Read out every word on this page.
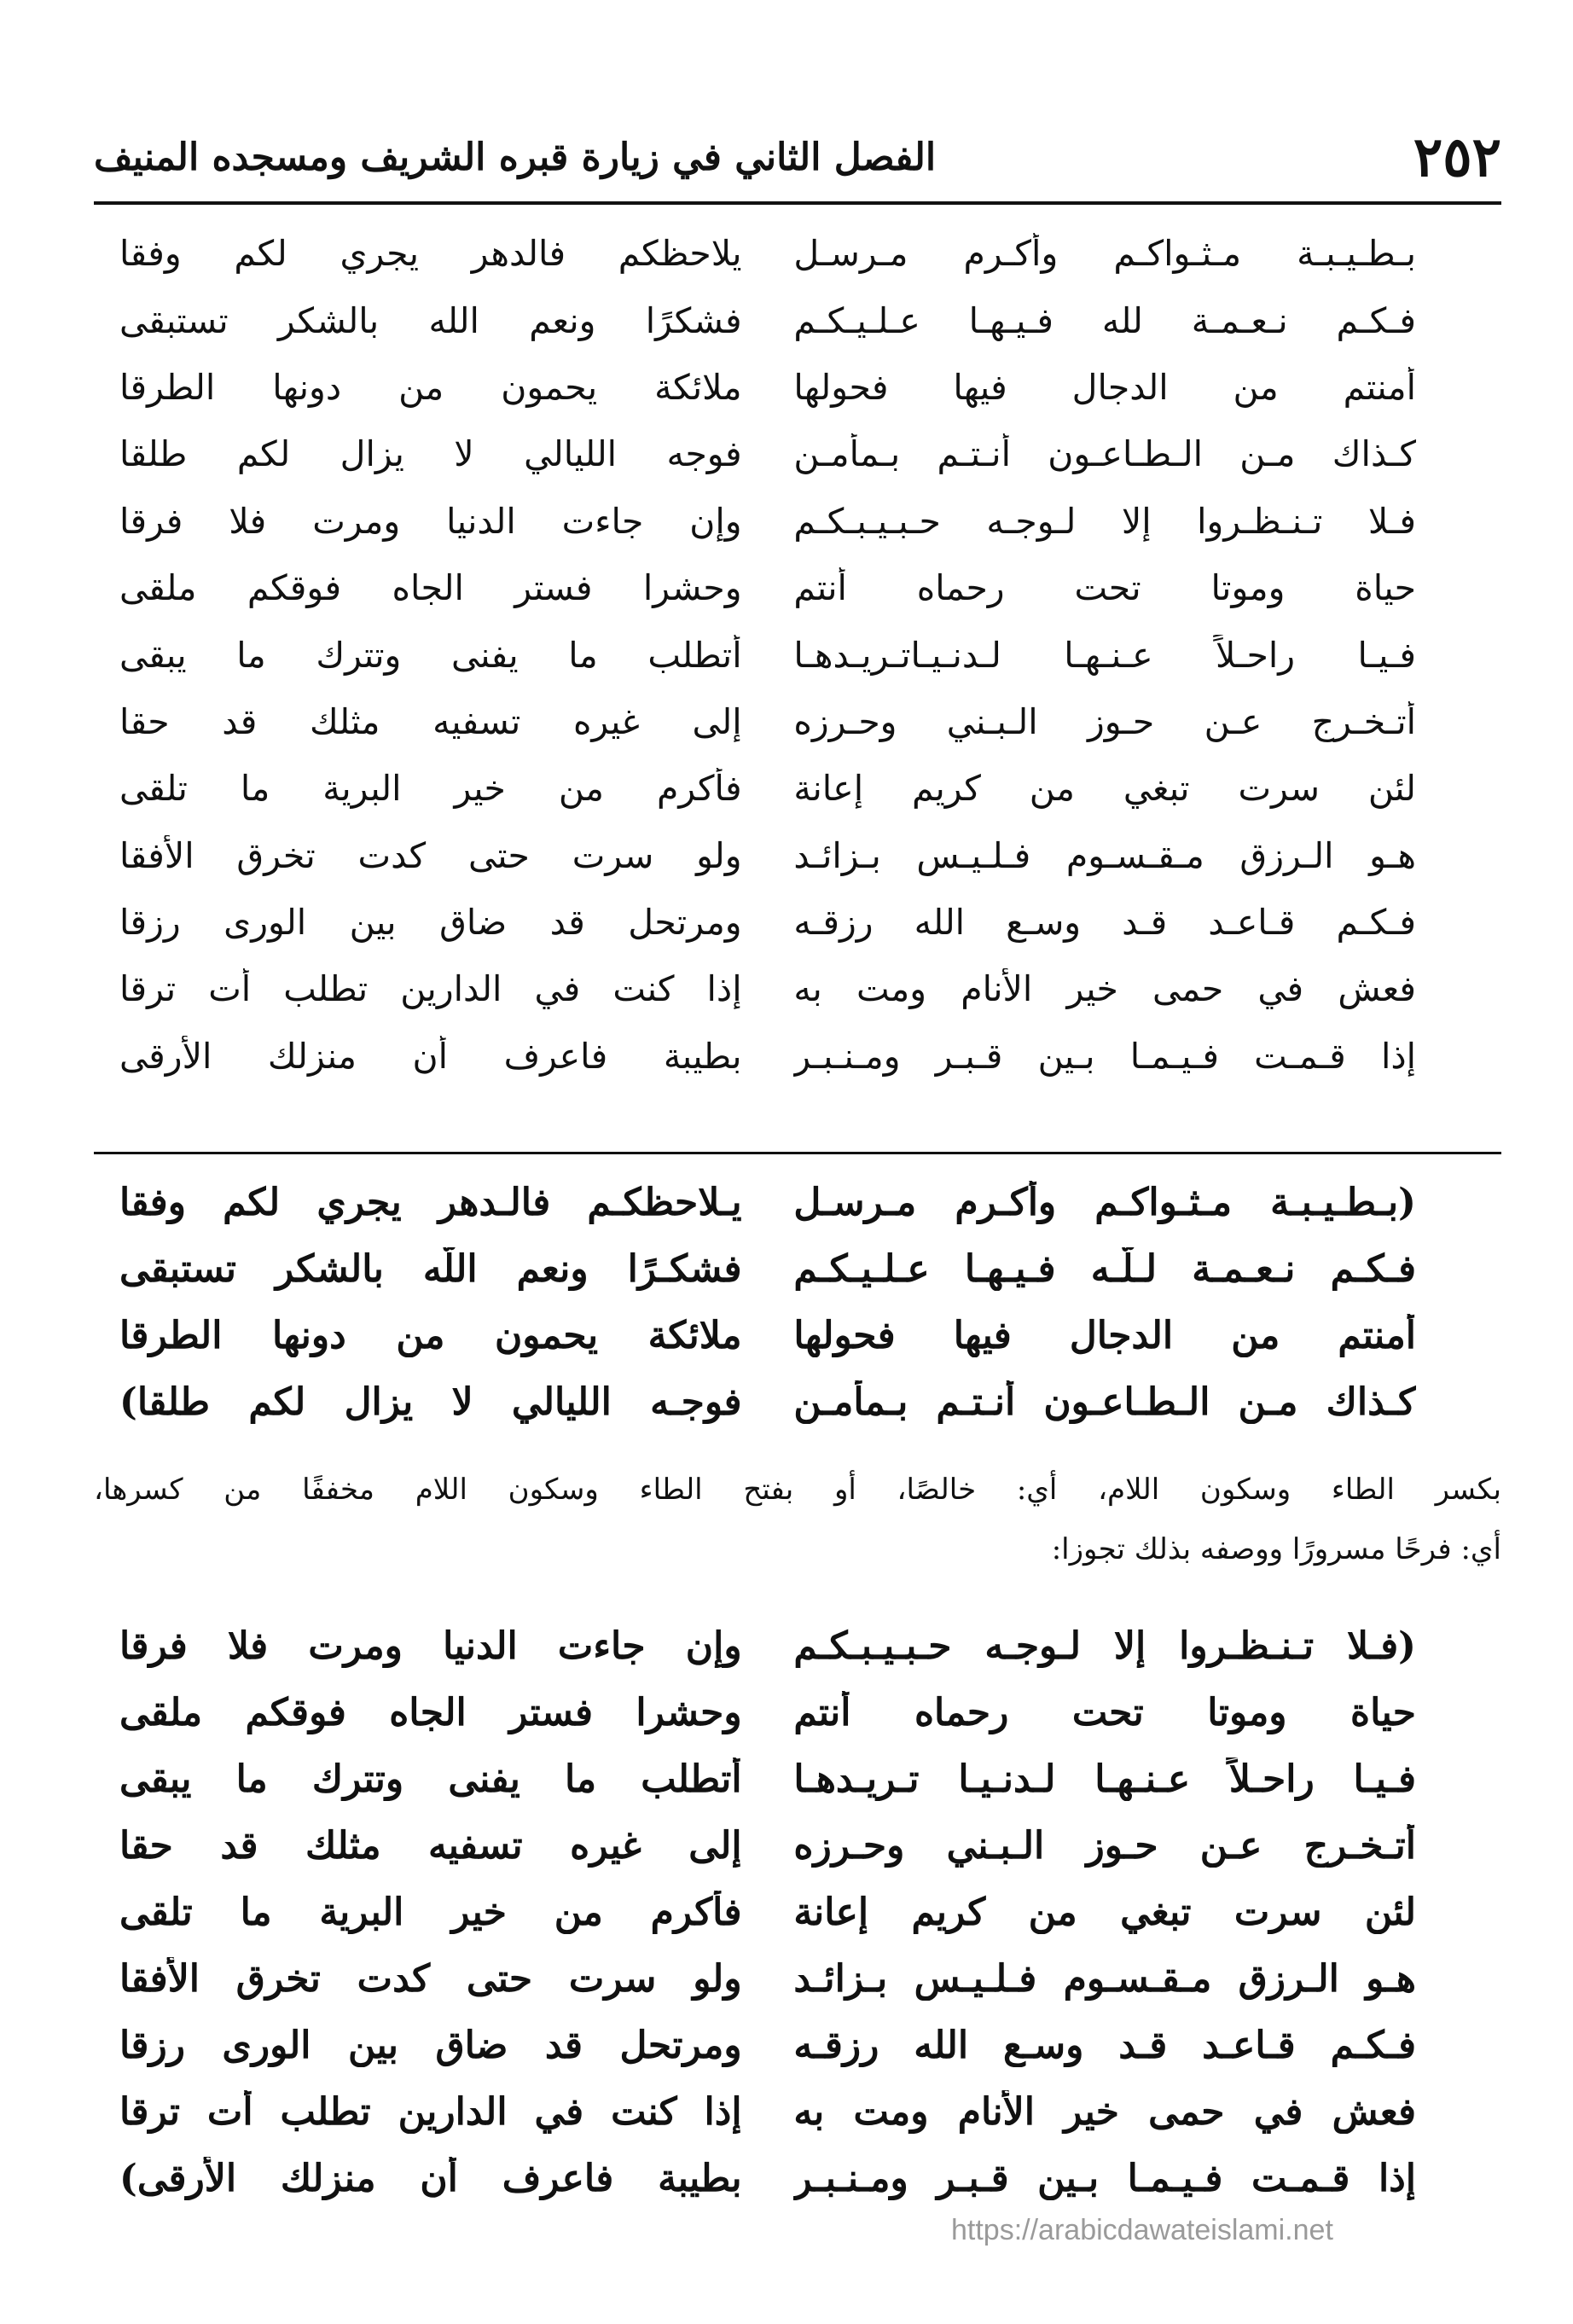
٢٥٢
الفصل الثاني في زيارة قبره الشريف ومسجده المنيف
بـطـيـبـة مـثـواكـم وأكـرم مـرسـل
يلاحظكم فالدهر يجري لكم وفقا
فـكـم نـعـمـة لله فـيـهـا عـلـيـكـم
فشكرًا ونعم الله بالشكر تستبقى
أمنتم من الدجال فيها فحولها
ملائكة يحمون من دونها الطرقا
كـذاك مـن الـطـاعـون أنـتـم بـمأمـن
فوجه الليالي لا يزال لكم طلقا
فـلا تـنـظـروا إلا لـوجـه حـبـيـبـكـم
وإن جاءت الدنيا ومرت فلا فرقا
حياة وموتا تحت رحماه أنتم
وحشرا فستر الجاه فوقكم ملقى
فـيـا راحـلاً عـنـهـا لـدنـيـاتـريـدهـا
أتطلب ما يفنى وتترك ما يبقى
أتـخـرج عـن حـوز الـبـني وحـرزه
إلى غيره تسفيه مثلك قد حقا
لئن سرت تبغي من كريم إعانة
فأكرم من خير البرية ما تلقى
هـو الـرزق مـقـسـوم فـلـيـس بـزائـد
ولو سرت حتى كدت تخرق الأفقا
فـكـم قـاعـد قـد وسـع الله رزقـه
ومرتحل قد ضاق بين الورى رزقا
فعش في حمى خير الأنام ومت به
إذا كنت في الدارين تطلب أت ترقا
إذا قـمـت فـيـمـا بـين قـبـر ومـنـبـر
بطيبة فاعرف أن منزلك الأرقى
(بـطـيـبـة مـثـواكـم وأكـرم مـرسـل
يـلاحظكـم فالـدهر يجري لكم وفقا
فـكـم نـعـمـة لـلّـه فـيـهـا عـلـيـكـم
فشكـرًا ونعم اللّه بالشكر تستبقى
أمنتم من الدجال فيها فحولها
ملائكة يحمون من دونها الطرقا
كـذاك مـن الـطـاعـون أنـتـم بـمأمـن
فوجـه الليالي لا يزال لكم طلقا)
بكسر الطاء وسكون اللام، أي: خالصًا، أو بفتح الطاء وسكون اللام مخففًا من كسرها،
أي: فرحًا مسرورًا ووصفه بذلك تجوزا:
(فـلا تـنـظـروا إلا لـوجـه حـبـيـبـكـم
وإن جاءت الدنيا ومرت فلا فرقا
حياة وموتا تحت رحماه أنتم
وحشرا فستر الجاه فوقكم ملقى
فـيـا راحـلاً عـنـهـا لـدنـيـا تـريـدهـا
أتطلب ما يفنى وتترك ما يبقى
أتـخـرج عـن حـوز الـبـني وحـرزه
إلى غيره تسفيه مثلك قد حقا
لئن سرت تبغي من كريم إعانة
فأكرم من خير البرية ما تلقى
هـو الـرزق مـقـسـوم فـلـيـس بـزائـد
ولو سرت حتى كدت تخرق الأفقا
فـكـم قـاعـد قـد وسـع الله رزقـه
ومرتحل قد ضاق بين الورى رزقا
فعش في حمى خير الأنام ومت به
إذا كنت في الدارين تطلب أت ترقا
إذا قـمـت فـيـمـا بـين قـبـر ومـنـبـر
بطيبة فاعرف أن منزلك الأرقى)
https://arabicdawateislami.net
